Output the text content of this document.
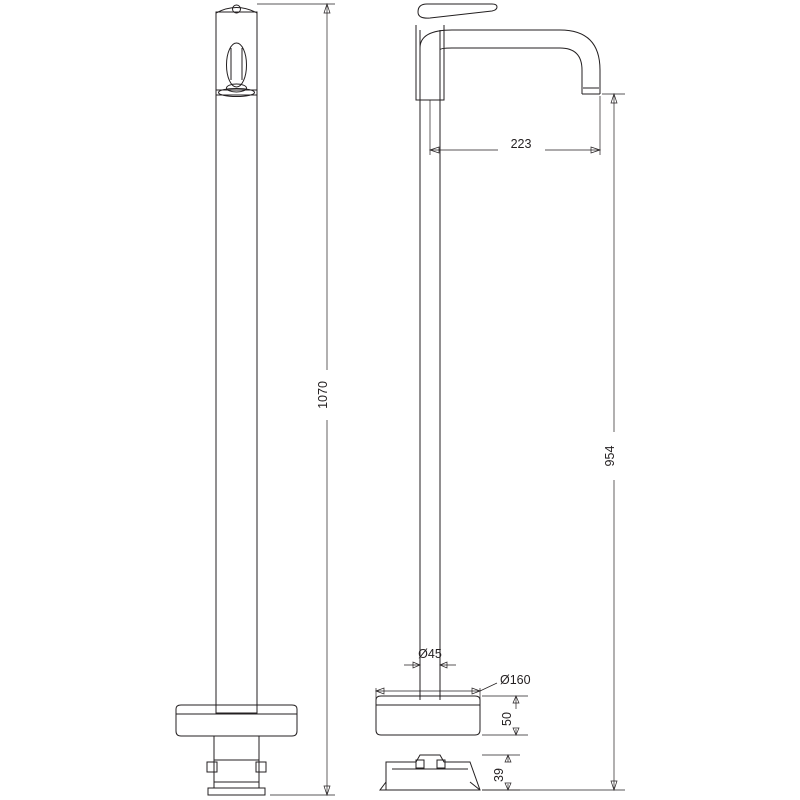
1070
223
954
Ø45
Ø160
50
39
